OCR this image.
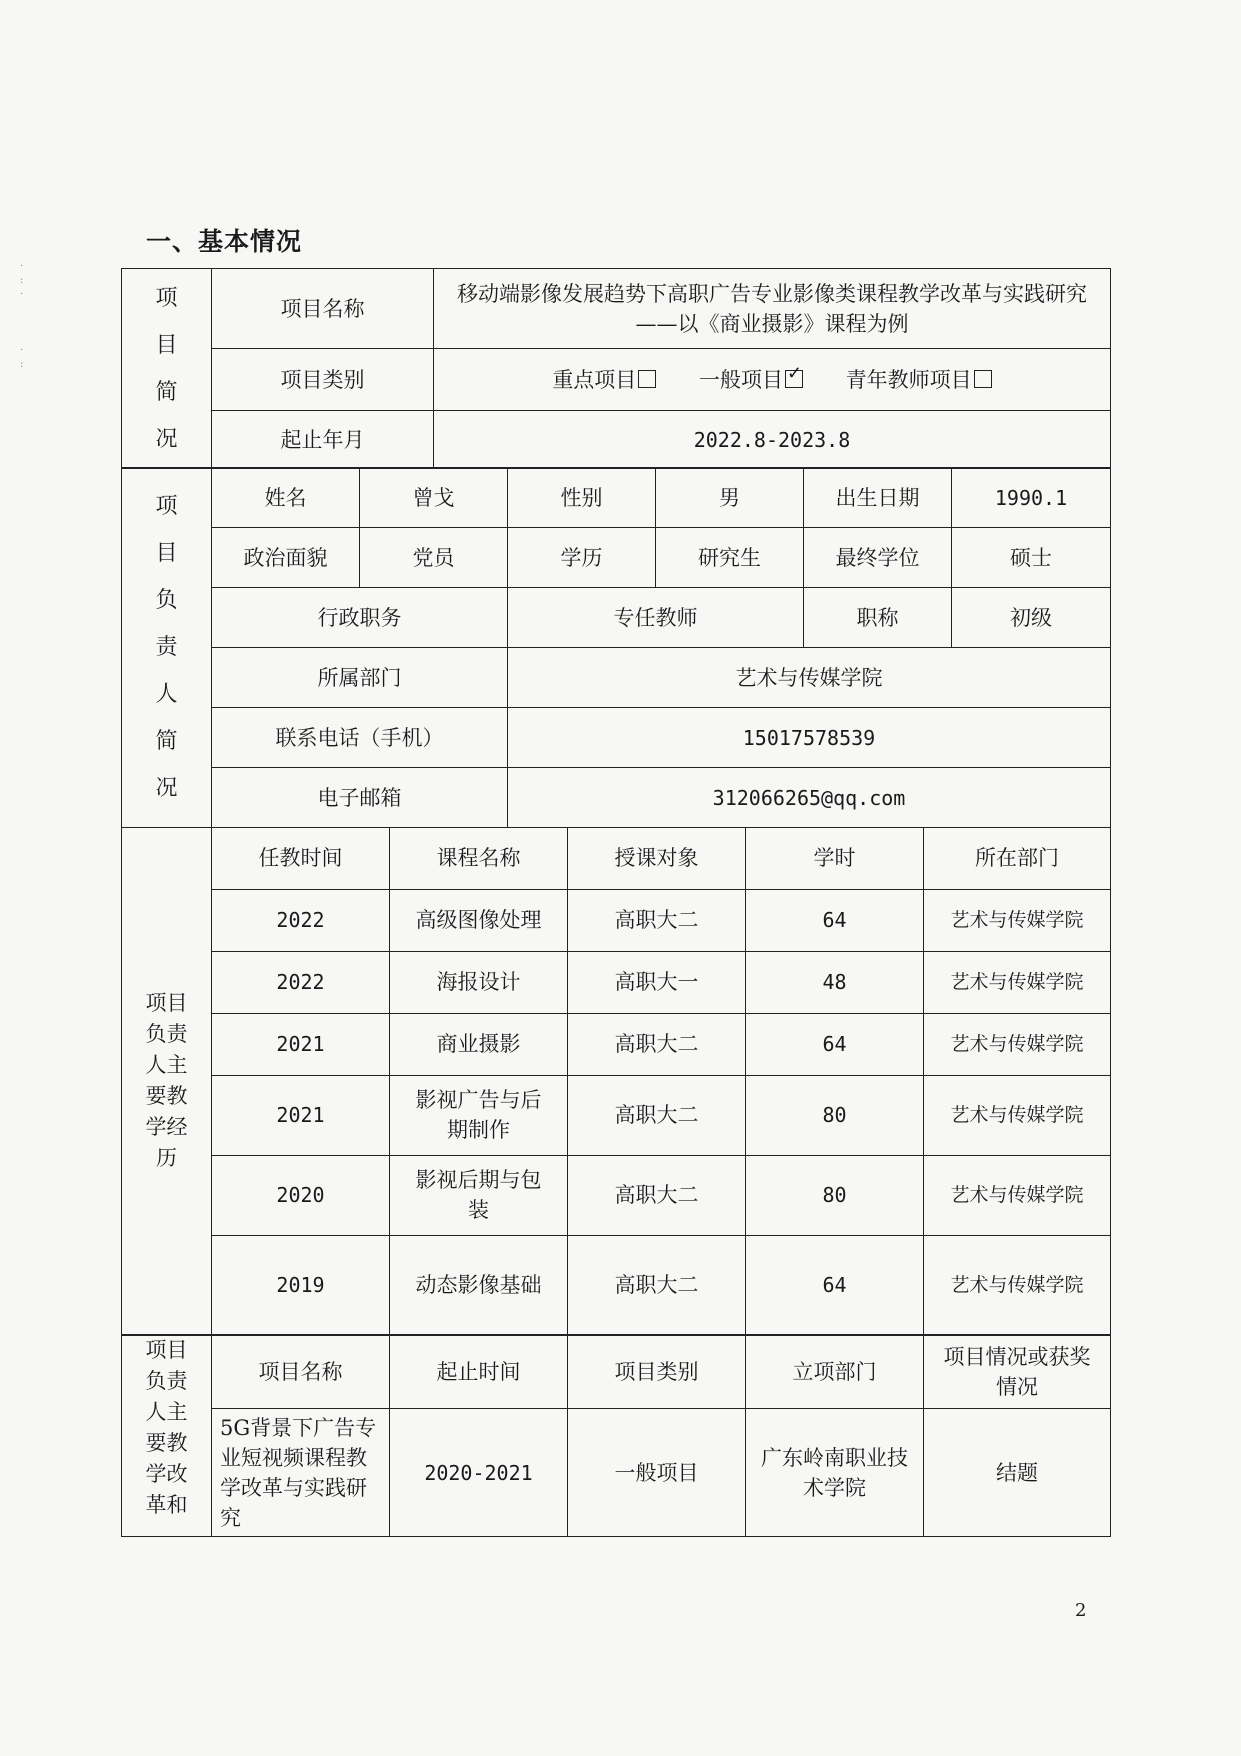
一、基本情况
·
:
·

·
:
项目简况	项目名称	移动端影像发展趋势下高职广告专业影像类课程教学改革与实践研究——以《商业摄影》课程为例
	项目类别	重点项目 一般项目 ✓ 青年教师项目
	起止年月	2022.8-2023.8
项目负责人简况	姓名	曾戈	性别	男	出生日期	1990.1
	政治面貌	党员	学历	研究生	最终学位	硕士
	行政职务		专任教师		职称	初级
	所属部门		艺术与传媒学院			
	联系电话（手机）		15017578539			
	电子邮箱		312066265@qq.com			
项目负责人主要教学经历	任教时间	课程名称	授课对象	学时	所在部门
	2022	高级图像处理	高职大二	64	艺术与传媒学院
	2022	海报设计	高职大一	48	艺术与传媒学院
	2021	商业摄影	高职大二	64	艺术与传媒学院
	2021	影视广告与后期制作	高职大二	80	艺术与传媒学院
	2020	影视后期与包装	高职大二	80	艺术与传媒学院
	2019	动态影像基础	高职大二	64	艺术与传媒学院
项目负责人主要教学改革和	项目名称	起止时间	项目类别	立项部门	项目情况或获奖情况
	5G背景下广告专业短视频课程教学改革与实践研究	2020-2021	一般项目	广东岭南职业技术学院	结题
2
